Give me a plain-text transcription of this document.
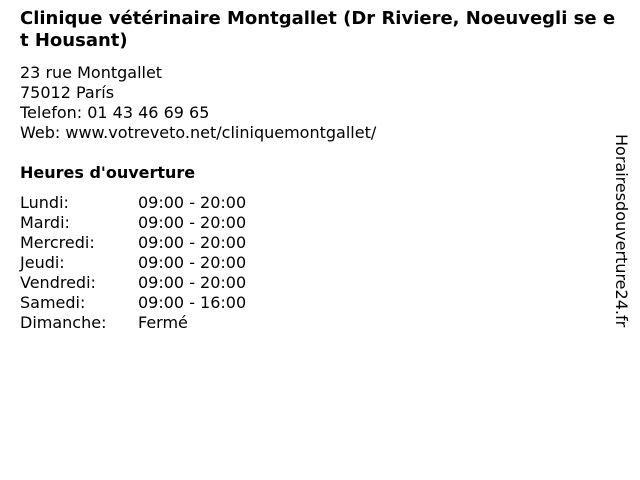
Clinique vétérinaire Montgallet (Dr Riviere, Noeuvegli se et Housant)
23 rue Montgallet
75012 París
Telefon: 01 43 46 69 65
Web: www.votreveto.net/cliniquemontgallet/
Heures d'ouverture
Lundi:	09:00 - 20:00
Mardi:	09:00 - 20:00
Mercredi:	09:00 - 20:00
Jeudi:	09:00 - 20:00
Vendredi:	09:00 - 20:00
Samedi:	09:00 - 16:00
Dimanche: Fermé	Horairesdouverture24.fr
